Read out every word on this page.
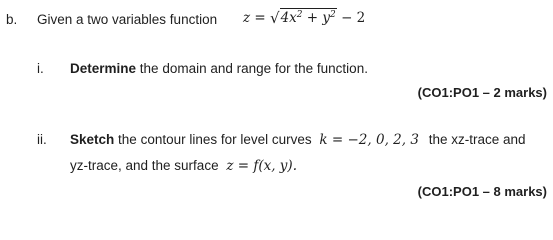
b. Given a two variables function $z = √4x^2 + y^2 - 2$
i. Determine the domain and range for the function.
(CO1:PO1 – 2 marks)
ii. Sketch the contour lines for level curves k = −2, 0, 2, 3 the xz-trace and
yz-trace, and the surface z = f(x, y).
(CO1:PO1 – 8 marks)
